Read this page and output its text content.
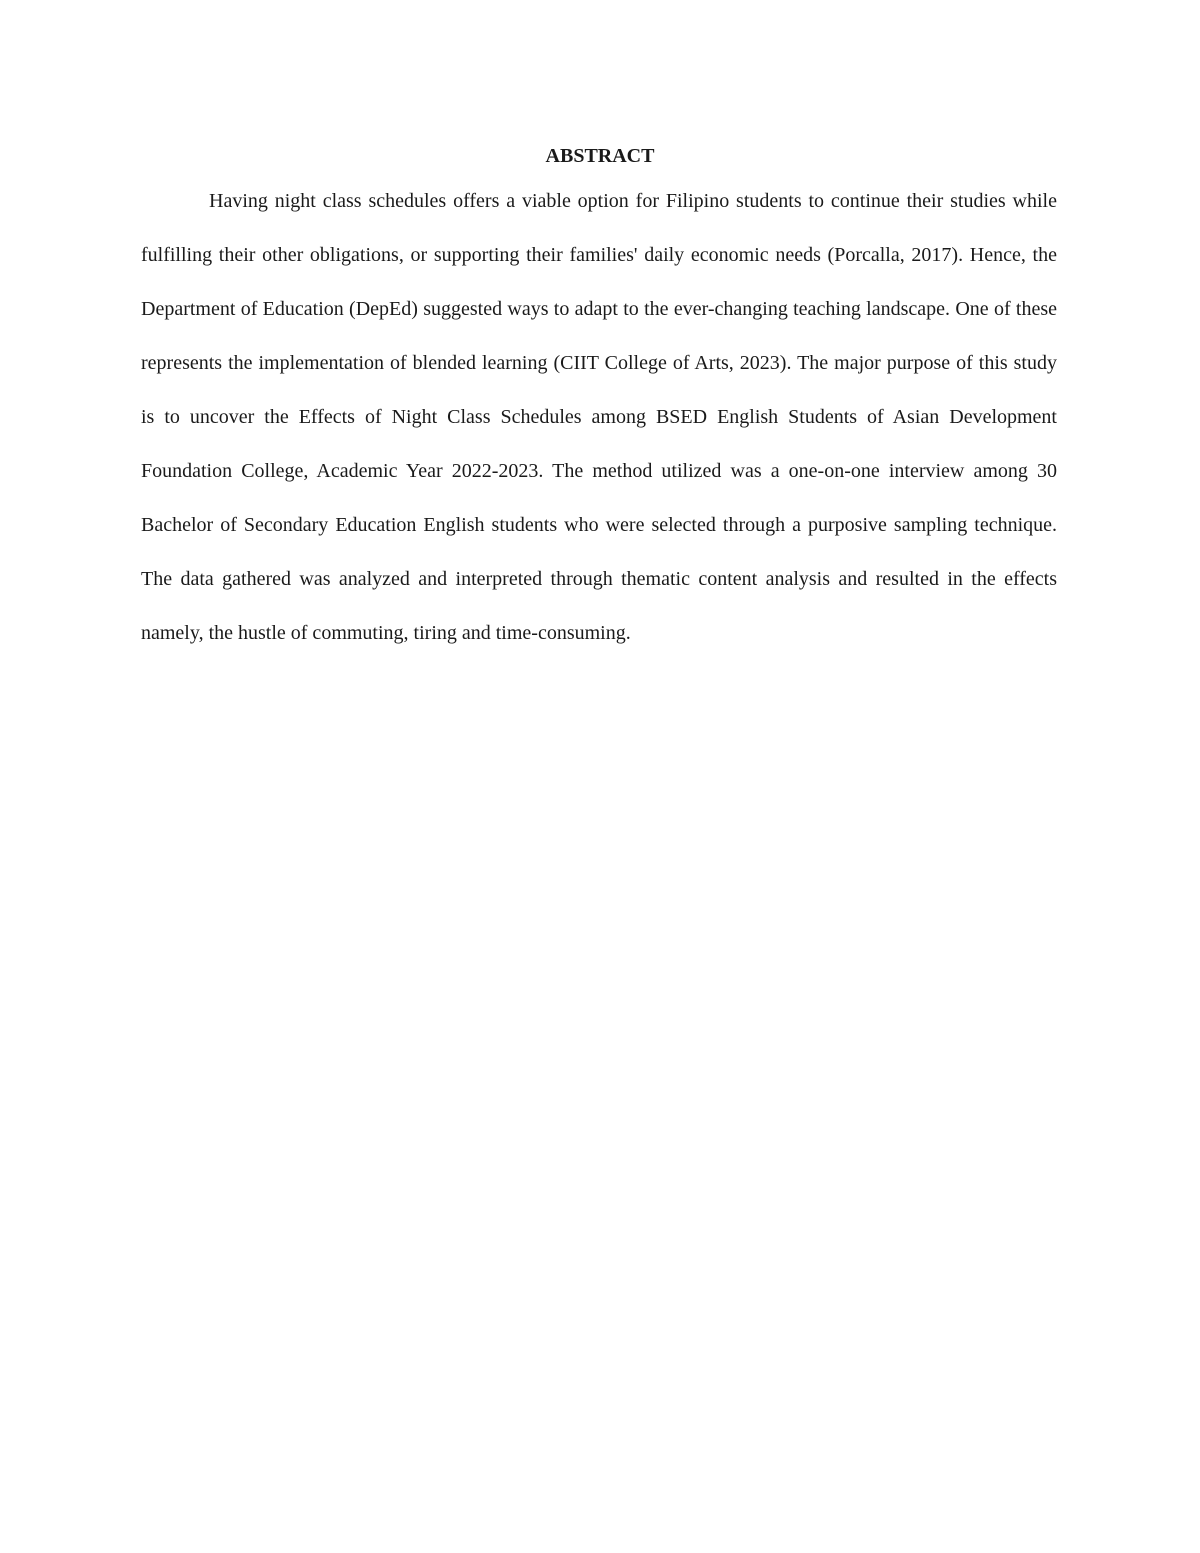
ABSTRACT

Having night class schedules offers a viable option for Filipino students to continue their studies while fulfilling their other obligations, or supporting their families' daily economic needs (Porcalla, 2017). Hence, the Department of Education (DepEd) suggested ways to adapt to the ever-changing teaching landscape. One of these represents the implementation of blended learning (CIIT College of Arts, 2023). The major purpose of this study is to uncover the Effects of Night Class Schedules among BSED English Students of Asian Development Foundation College, Academic Year 2022-2023. The method utilized was a one-on-one interview among 30 Bachelor of Secondary Education English students who were selected through a purposive sampling technique. The data gathered was analyzed and interpreted through thematic content analysis and resulted in the effects namely, the hustle of commuting, tiring and time-consuming.
